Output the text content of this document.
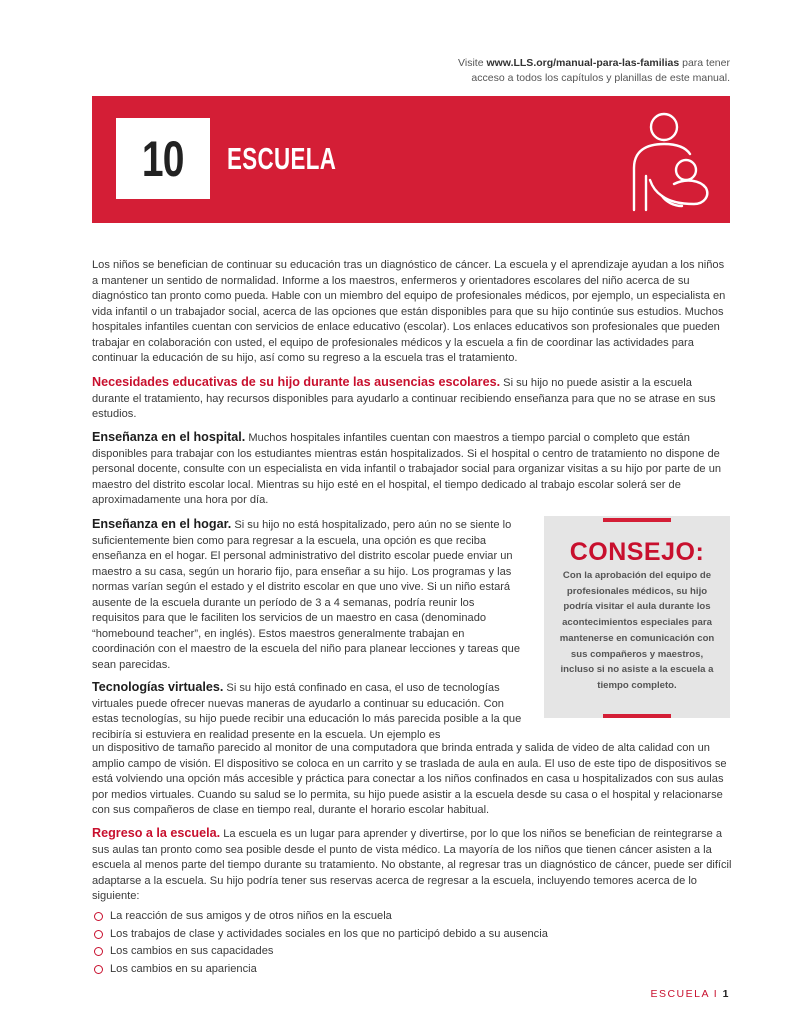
Visite www.LLS.org/manual-para-las-familias para tener
acceso a todos los capítulos y planillas de este manual.
10 ESCUELA

Los niños se benefician de continuar su educación tras un diagnóstico de cáncer. La escuela y el aprendizaje ayudan a los niños a mantener un sentido de normalidad. Informe a los maestros, enfermeros y orientadores escolares del niño acerca de su diagnóstico tan pronto como pueda. Hable con un miembro del equipo de profesionales médicos, por ejemplo, un especialista en vida infantil o un trabajador social, acerca de las opciones que están disponibles para que su hijo continúe sus estudios. Muchos hospitales infantiles cuentan con servicios de enlace educativo (escolar). Los enlaces educativos son profesionales que pueden trabajar en colaboración con usted, el equipo de profesionales médicos y la escuela a fin de coordinar las actividades para continuar la educación de su hijo, así como su regreso a la escuela tras el tratamiento.

Necesidades educativas de su hijo durante las ausencias escolares. Si su hijo no puede asistir a la escuela durante el tratamiento, hay recursos disponibles para ayudarlo a continuar recibiendo enseñanza para que no se atrase en sus estudios.

Enseñanza en el hospital. Muchos hospitales infantiles cuentan con maestros a tiempo parcial o completo que están disponibles para trabajar con los estudiantes mientras están hospitalizados. Si el hospital o centro de tratamiento no dispone de personal docente, consulte con un especialista en vida infantil o trabajador social para organizar visitas a su hijo por parte de un maestro del distrito escolar local. Mientras su hijo esté en el hospital, el tiempo dedicado al trabajo escolar solerá ser de aproximadamente una hora por día.

Enseñanza en el hogar. Si su hijo no está hospitalizado, pero aún no se siente lo suficientemente bien como para regresar a la escuela, una opción es que reciba enseñanza en el hogar. El personal administrativo del distrito escolar puede enviar un maestro a su casa, según un horario fijo, para enseñar a su hijo. Los programas y las normas varían según el estado y el distrito escolar en que uno vive. Si un niño estará ausente de la escuela durante un período de 3 a 4 semanas, podría reunir los requisitos para que le faciliten los servicios de un maestro en casa (denominado “homebound teacher”, en inglés). Estos maestros generalmente trabajan en coordinación con el maestro de la escuela del niño para planear lecciones y tareas que sean parecidas.

Tecnologías virtuales. Si su hijo está confinado en casa, el uso de tecnologías virtuales puede ofrecer nuevas maneras de ayudarlo a continuar su educación. Con estas tecnologías, su hijo puede recibir una educación lo más parecida posible a la que recibiría si estuviera en realidad presente en la escuela. Un ejemplo es

un dispositivo de tamaño parecido al monitor de una computadora que brinda entrada y salida de video de alta calidad con un amplio campo de visión. El dispositivo se coloca en un carrito y se traslada de aula en aula. El uso de este tipo de dispositivos se está volviendo una opción más accesible y práctica para conectar a los niños confinados en casa u hospitalizados con sus aulas por medios virtuales. Cuando su salud se lo permita, su hijo puede asistir a la escuela desde su casa o el hospital y relacionarse con sus compañeros de clase en tiempo real, durante el horario escolar habitual.

Regreso a la escuela. La escuela es un lugar para aprender y divertirse, por lo que los niños se benefician de reintegrarse a sus aulas tan pronto como sea posible desde el punto de vista médico. La mayoría de los niños que tienen cáncer asisten a la escuela al menos parte del tiempo durante su tratamiento. No obstante, al regresar tras un diagnóstico de cáncer, puede ser difícil adaptarse a la escuela. Su hijo podría tener sus reservas acerca de regresar a la escuela, incluyendo temores acerca de lo siguiente:

La reacción de sus amigos y de otros niños en la escuela
Los trabajos de clase y actividades sociales en los que no participó debido a su ausencia
Los cambios en sus capacidades
Los cambios en su apariencia
CONSEJO:
Con la aprobación del equipo de profesionales médicos, su hijo podría visitar el aula durante los acontecimientos especiales para mantenerse en comunicación con sus compañeros y maestros, incluso si no asiste a la escuela a tiempo completo.
ESCUELA I 1
